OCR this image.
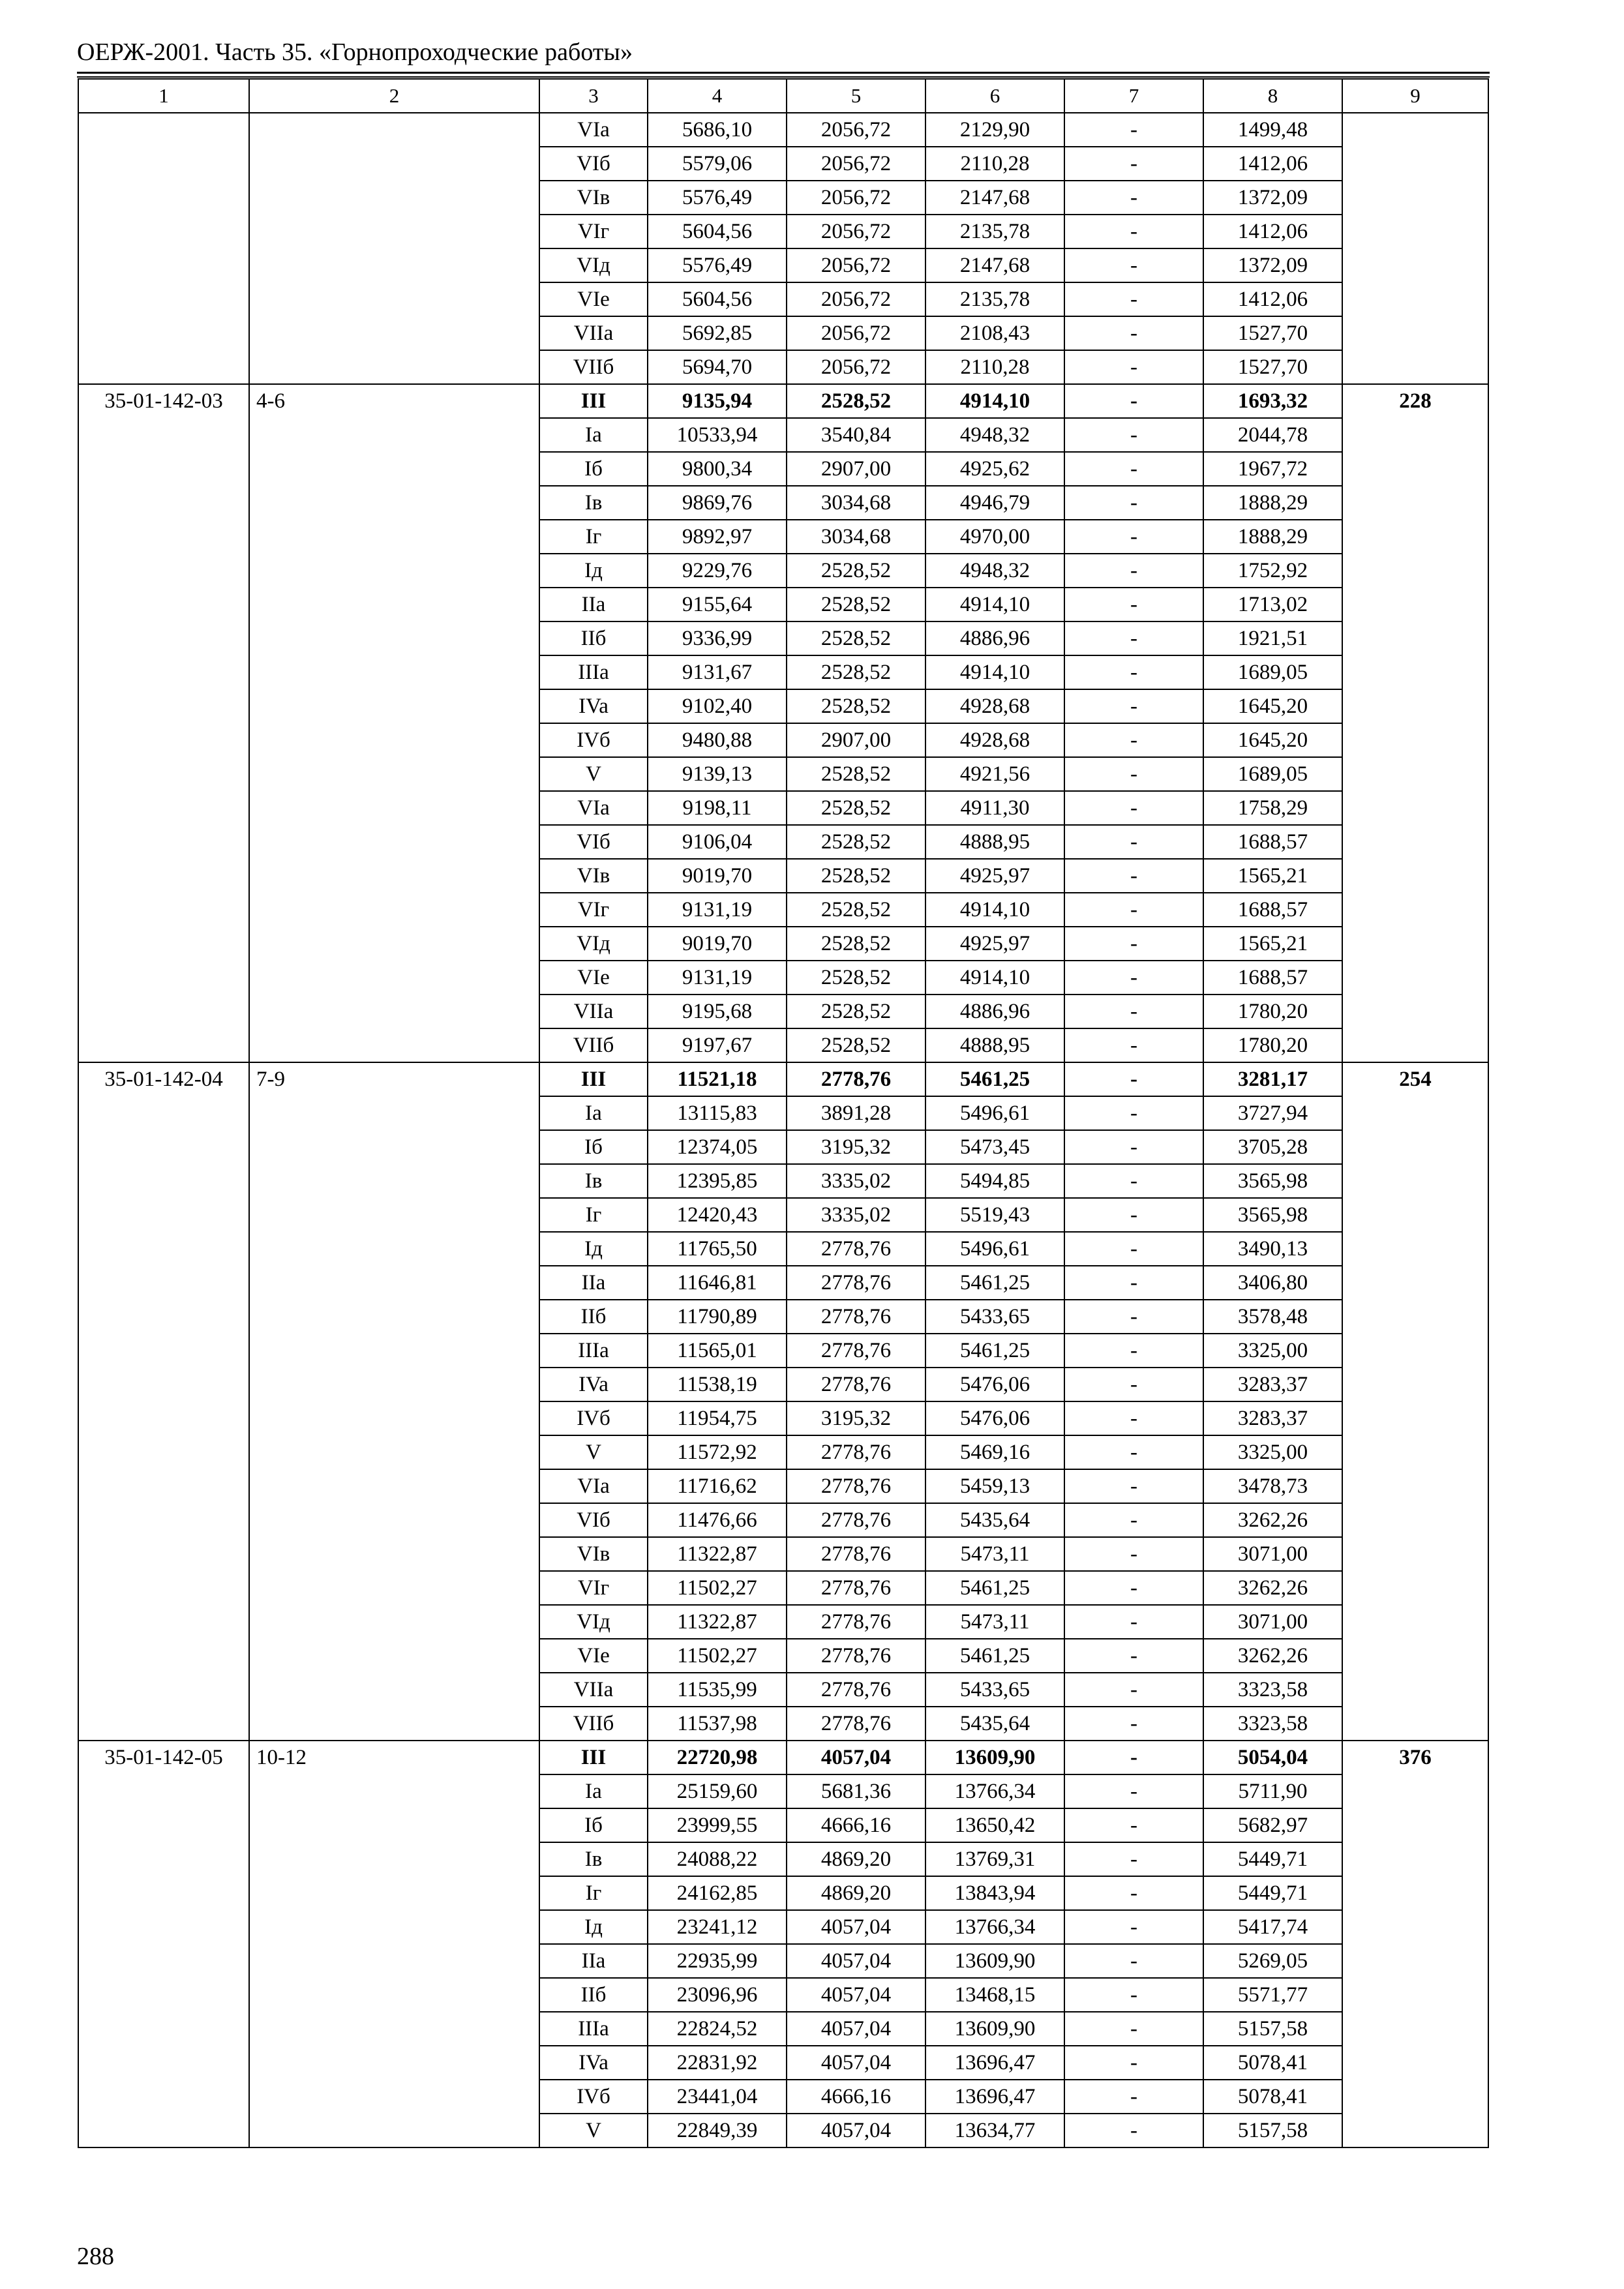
ОЕРЖ-2001. Часть 35. «Горнопроходческие работы»
1	2	3	4	5	6	7	8	9
		VIa	5686,10	2056,72	2129,90	-	1499,48	
		VIб	5579,06	2056,72	2110,28	-	1412,06	
		VIв	5576,49	2056,72	2147,68	-	1372,09	
		VIг	5604,56	2056,72	2135,78	-	1412,06	
		VIд	5576,49	2056,72	2147,68	-	1372,09	
		VIe	5604,56	2056,72	2135,78	-	1412,06	
		VIIa	5692,85	2056,72	2108,43	-	1527,70	
		VIIб	5694,70	2056,72	2110,28	-	1527,70	
35-01-142-03	4-6	III	9135,94	2528,52	4914,10	-	1693,32	228
		Ia	10533,94	3540,84	4948,32	-	2044,78	
		Iб	9800,34	2907,00	4925,62	-	1967,72	
		Iв	9869,76	3034,68	4946,79	-	1888,29	
		Iг	9892,97	3034,68	4970,00	-	1888,29	
		Iд	9229,76	2528,52	4948,32	-	1752,92	
		IIa	9155,64	2528,52	4914,10	-	1713,02	
		IIб	9336,99	2528,52	4886,96	-	1921,51	
		IIIa	9131,67	2528,52	4914,10	-	1689,05	
		IVa	9102,40	2528,52	4928,68	-	1645,20	
		IVб	9480,88	2907,00	4928,68	-	1645,20	
		V	9139,13	2528,52	4921,56	-	1689,05	
		VIa	9198,11	2528,52	4911,30	-	1758,29	
		VIб	9106,04	2528,52	4888,95	-	1688,57	
		VIв	9019,70	2528,52	4925,97	-	1565,21	
		VIг	9131,19	2528,52	4914,10	-	1688,57	
		VIд	9019,70	2528,52	4925,97	-	1565,21	
		VIe	9131,19	2528,52	4914,10	-	1688,57	
		VIIa	9195,68	2528,52	4886,96	-	1780,20	
		VIIб	9197,67	2528,52	4888,95	-	1780,20	
35-01-142-04	7-9	III	11521,18	2778,76	5461,25	-	3281,17	254
		Ia	13115,83	3891,28	5496,61	-	3727,94	
		Iб	12374,05	3195,32	5473,45	-	3705,28	
		Iв	12395,85	3335,02	5494,85	-	3565,98	
		Iг	12420,43	3335,02	5519,43	-	3565,98	
		Iд	11765,50	2778,76	5496,61	-	3490,13	
		IIa	11646,81	2778,76	5461,25	-	3406,80	
		IIб	11790,89	2778,76	5433,65	-	3578,48	
		IIIa	11565,01	2778,76	5461,25	-	3325,00	
		IVa	11538,19	2778,76	5476,06	-	3283,37	
		IVб	11954,75	3195,32	5476,06	-	3283,37	
		V	11572,92	2778,76	5469,16	-	3325,00	
		VIa	11716,62	2778,76	5459,13	-	3478,73	
		VIб	11476,66	2778,76	5435,64	-	3262,26	
		VIв	11322,87	2778,76	5473,11	-	3071,00	
		VIг	11502,27	2778,76	5461,25	-	3262,26	
		VIд	11322,87	2778,76	5473,11	-	3071,00	
		VIe	11502,27	2778,76	5461,25	-	3262,26	
		VIIa	11535,99	2778,76	5433,65	-	3323,58	
		VIIб	11537,98	2778,76	5435,64	-	3323,58	
35-01-142-05	10-12	III	22720,98	4057,04	13609,90	-	5054,04	376
		Ia	25159,60	5681,36	13766,34	-	5711,90	
		Iб	23999,55	4666,16	13650,42	-	5682,97	
		Iв	24088,22	4869,20	13769,31	-	5449,71	
		Iг	24162,85	4869,20	13843,94	-	5449,71	
		Iд	23241,12	4057,04	13766,34	-	5417,74	
		IIa	22935,99	4057,04	13609,90	-	5269,05	
		IIб	23096,96	4057,04	13468,15	-	5571,77	
		IIIa	22824,52	4057,04	13609,90	-	5157,58	
		IVa	22831,92	4057,04	13696,47	-	5078,41	
		IVб	23441,04	4666,16	13696,47	-	5078,41	
		V	22849,39	4057,04	13634,77	-	5157,58	
288
